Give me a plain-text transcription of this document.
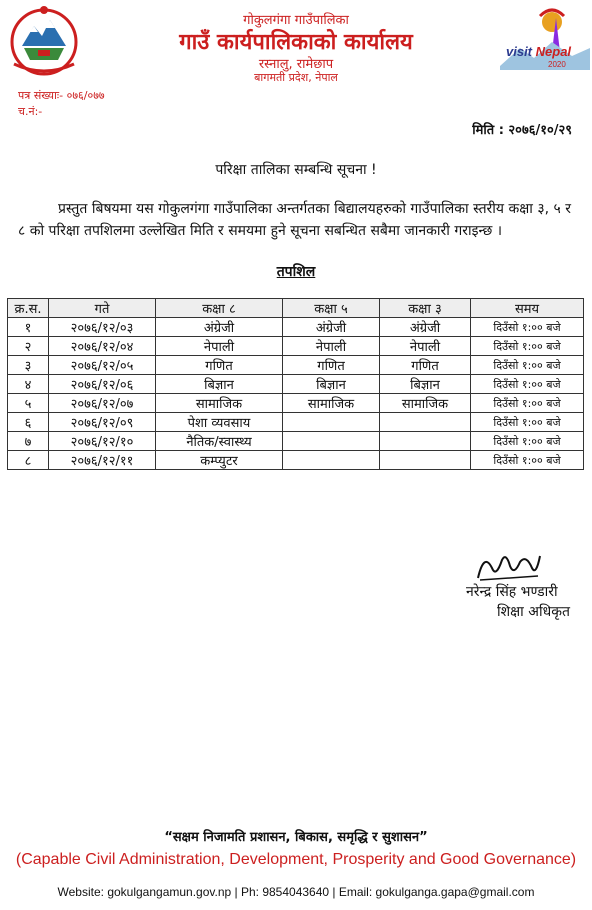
visit Nepal
2020
गोकुलगंगा गाउँपालिका
गाउँ कार्यपालिकाको कार्यालय
रस्नालु, रामेछाप
बागमती प्रदेश, नेपाल
पत्र संख्याः- ०७६/०७७
च.नं:-
मिति : २०७६/१०/२९
परिक्षा तालिका सम्बन्धि सूचना !
प्रस्तुत बिषयमा यस गोकुलगंगा गाउँपालिका अन्तर्गतका बिद्यालयहरुको गाउँपालिका स्तरीय कक्षा ३, ५ र ८ को परिक्षा तपशिलमा उल्लेखित मिति र समयमा हुने सूचना सबन्धित सबैमा जानकारी गराइन्छ ।
तपशिल
क्र.स.	गते	कक्षा ८	कक्षा ५	कक्षा ३	समय
१	२०७६/१२/०३	अंग्रेजी	अंग्रेजी	अंग्रेजी	दिउँसो १:०० बजे
२	२०७६/१२/०४	नेपाली	नेपाली	नेपाली	दिउँसो १:०० बजे
३	२०७६/१२/०५	गणित	गणित	गणित	दिउँसो १:०० बजे
४	२०७६/१२/०६	बिज्ञान	बिज्ञान	बिज्ञान	दिउँसो १:०० बजे
५	२०७६/१२/०७	सामाजिक	सामाजिक	सामाजिक	दिउँसो १:०० बजे
६	२०७६/१२/०९	पेशा व्यवसाय			दिउँसो १:०० बजे
७	२०७६/१२/१०	नैतिक/स्वास्थ्य			दिउँसो १:०० बजे
८	२०७६/१२/११	कम्प्युटर			दिउँसो १:०० बजे
नरेन्द्र सिंह भण्डारी
शिक्षा अधिकृत
“सक्षम निजामति प्रशासन, बिकास, समृद्धि र सुशासन”
(Capable Civil Administration, Development, Prosperity and Good Governance)
Website: gokulgangamun.gov.np | Ph: 9854043640 | Email: gokulganga.gapa@gmail.com
